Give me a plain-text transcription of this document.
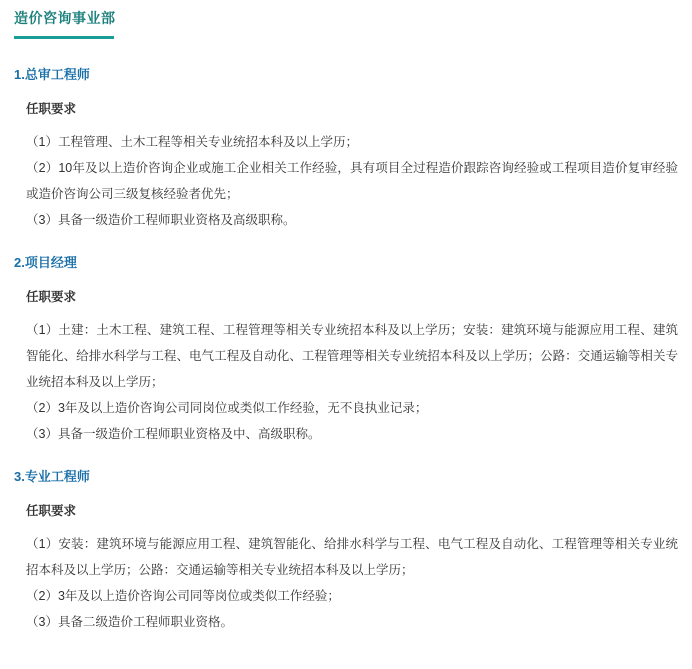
造价咨询事业部
1.总审工程师
任职要求
（1）工程管理、土木工程等相关专业统招本科及以上学历；
（2）10年及以上造价咨询企业或施工企业相关工作经验，具有项目全过程造价跟踪咨询经验或工程项目造价复审经验或造价咨询公司三级复核经验者优先；
（3）具备一级造价工程师职业资格及高级职称。
2.项目经理
任职要求
（1）土建：土木工程、建筑工程、工程管理等相关专业统招本科及以上学历；安装：建筑环境与能源应用工程、建筑智能化、给排水科学与工程、电气工程及自动化、工程管理等相关专业统招本科及以上学历；公路：交通运输等相关专业统招本科及以上学历；
（2）3年及以上造价咨询公司同岗位或类似工作经验，无不良执业记录；
（3）具备一级造价工程师职业资格及中、高级职称。
3.专业工程师
任职要求
（1）安装：建筑环境与能源应用工程、建筑智能化、给排水科学与工程、电气工程及自动化、工程管理等相关专业统招本科及以上学历；公路：交通运输等相关专业统招本科及以上学历；
（2）3年及以上造价咨询公司同等岗位或类似工作经验；
（3）具备二级造价工程师职业资格。
